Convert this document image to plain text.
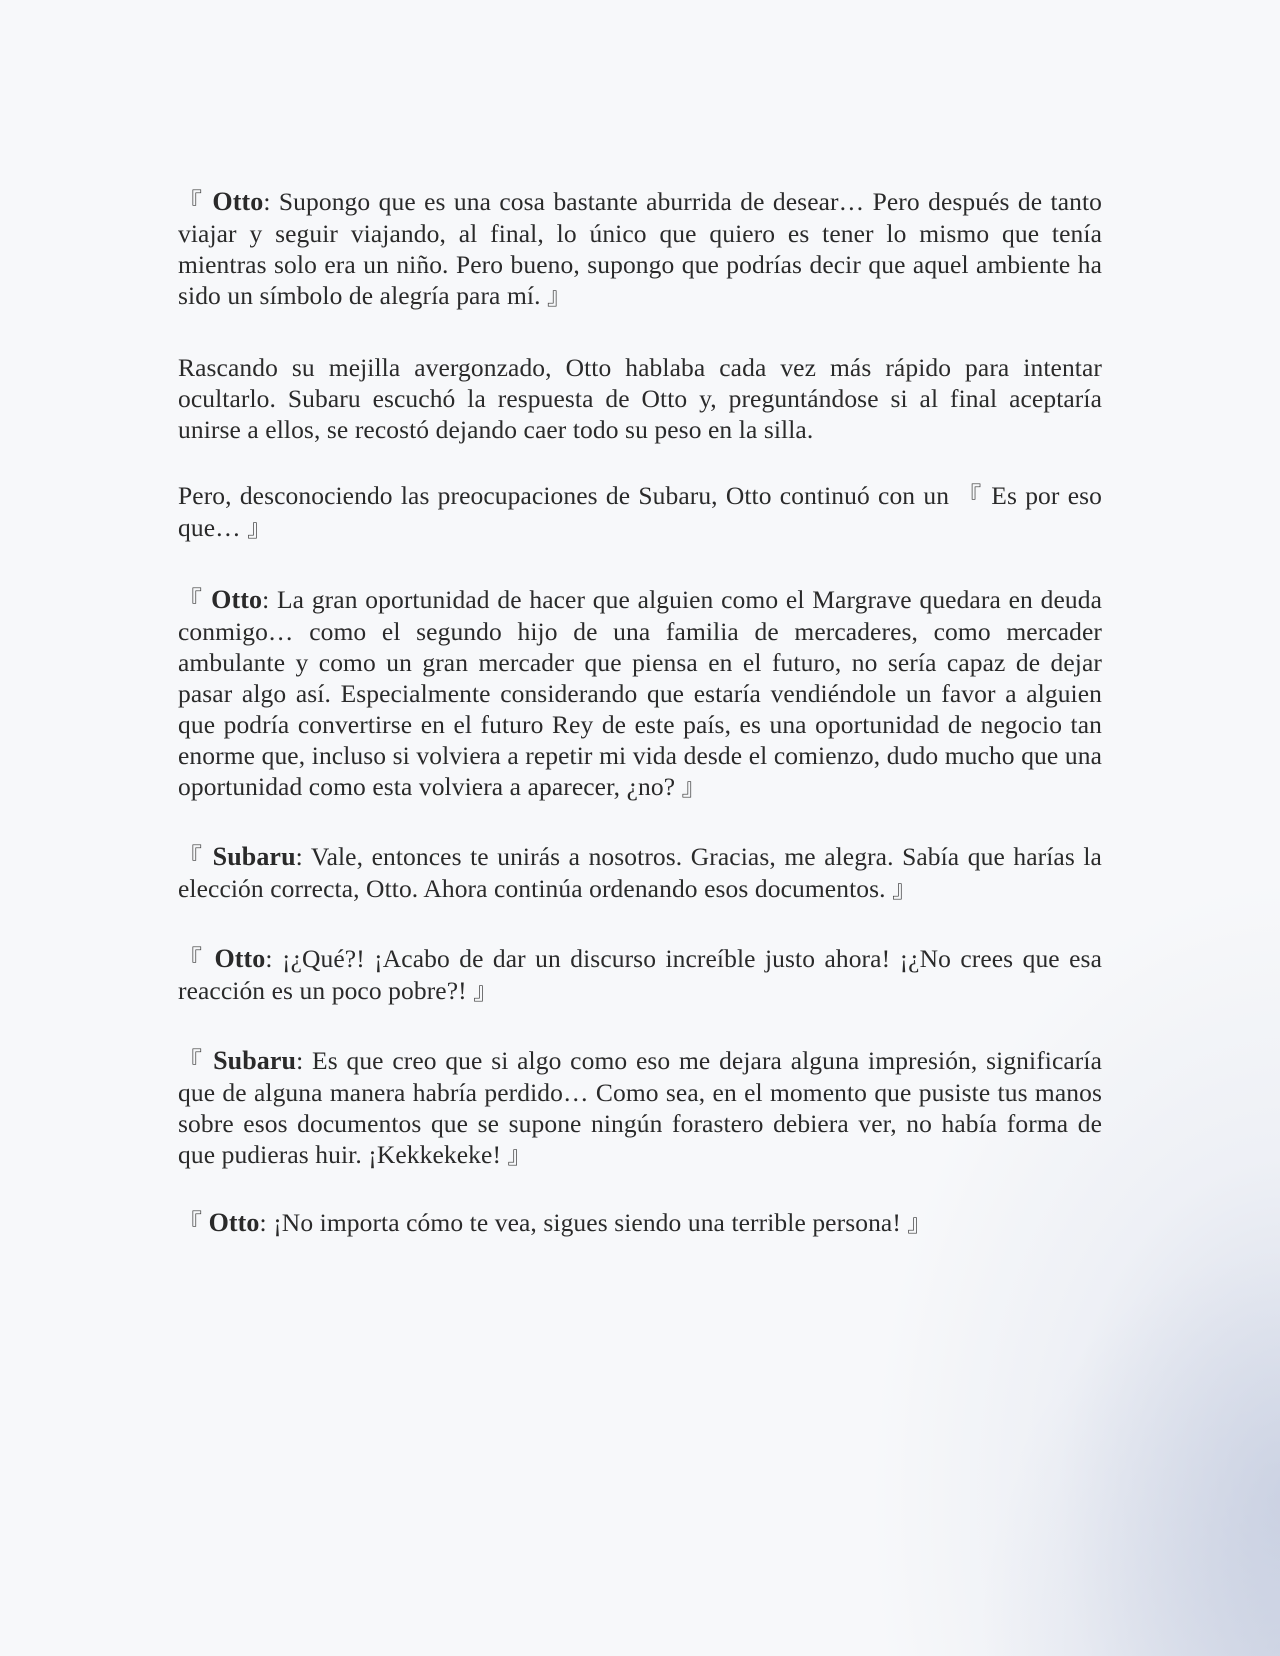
『 Otto: Supongo que es una cosa bastante aburrida de desear… Pero después de tanto viajar y seguir viajando, al final, lo único que quiero es tener lo mismo que tenía mientras solo era un niño. Pero bueno, supongo que podrías decir que aquel ambiente ha sido un símbolo de alegría para mí. 』

Rascando su mejilla avergonzado, Otto hablaba cada vez más rápido para intentar ocultarlo. Subaru escuchó la respuesta de Otto y, preguntándose si al final aceptaría unirse a ellos, se recostó dejando caer todo su peso en la silla.

Pero, desconociendo las preocupaciones de Subaru, Otto continuó con un 『 Es por eso que… 』

『 Otto: La gran oportunidad de hacer que alguien como el Margrave quedara en deuda conmigo… como el segundo hijo de una familia de mercaderes, como mercader ambulante y como un gran mercader que piensa en el futuro, no sería capaz de dejar pasar algo así. Especialmente considerando que estaría vendiéndole un favor a alguien que podría convertirse en el futuro Rey de este país, es una oportunidad de negocio tan enorme que, incluso si volviera a repetir mi vida desde el comienzo, dudo mucho que una oportunidad como esta volviera a aparecer, ¿no? 』

『 Subaru: Vale, entonces te unirás a nosotros. Gracias, me alegra. Sabía que harías la elección correcta, Otto. Ahora continúa ordenando esos documentos. 』

『 Otto: ¡¿Qué?! ¡Acabo de dar un discurso increíble justo ahora! ¡¿No crees que esa reacción es un poco pobre?! 』

『 Subaru: Es que creo que si algo como eso me dejara alguna impresión, significaría que de alguna manera habría perdido… Como sea, en el momento que pusiste tus manos sobre esos documentos que se supone ningún forastero debiera ver, no había forma de que pudieras huir. ¡Kekkekeke! 』

『 Otto: ¡No importa cómo te vea, sigues siendo una terrible persona! 』
